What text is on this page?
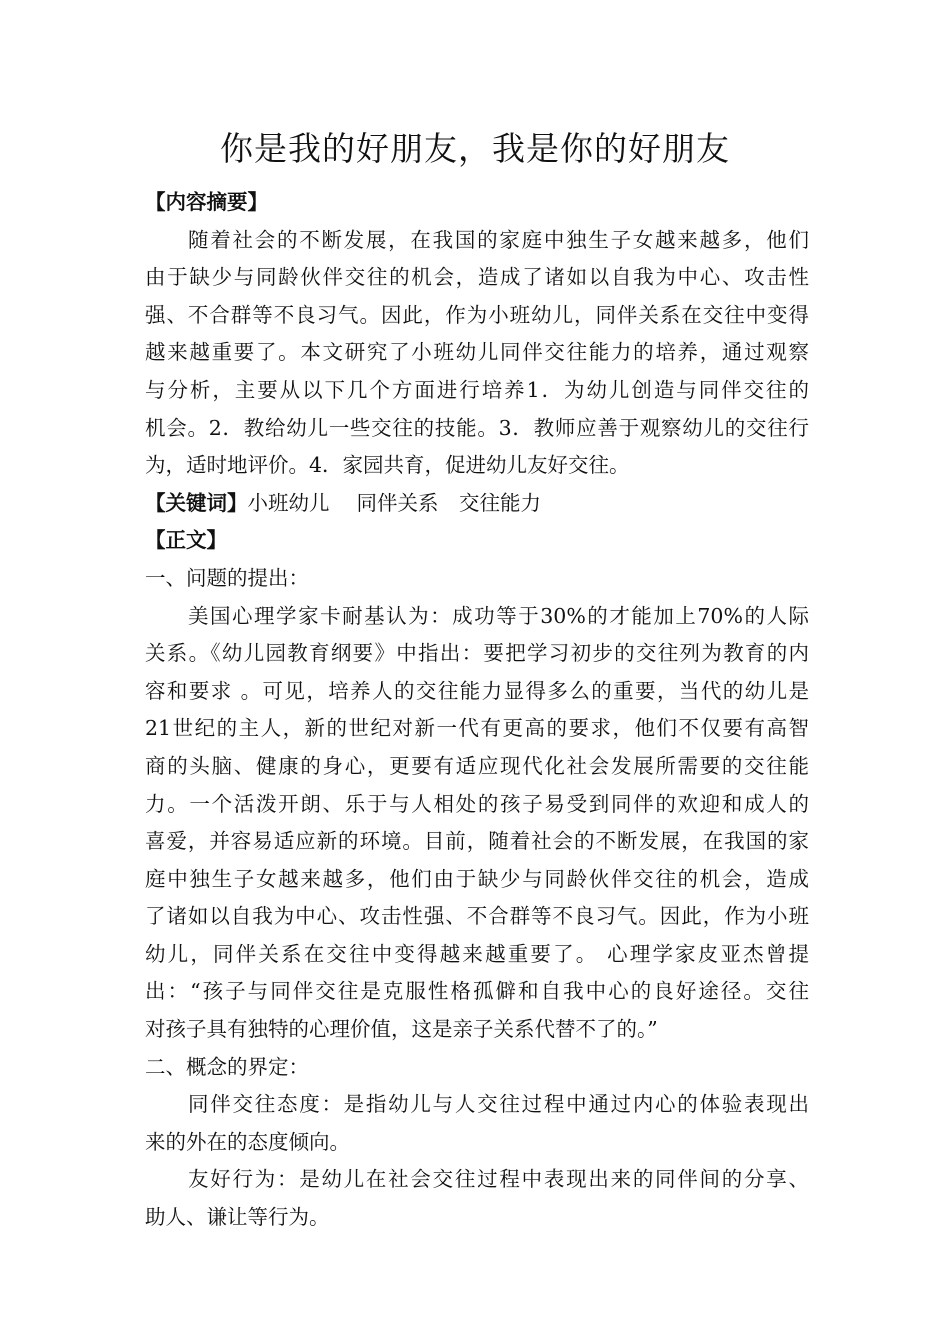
你是我的好朋友，我是你的好朋友
【内容摘要】
随着社会的不断发展，在我国的家庭中独生子女越来越多，他们
由于缺少与同龄伙伴交往的机会，造成了诸如以自我为中心、攻击性
强、不合群等不良习气。因此，作为小班幼儿，同伴关系在交往中变得
越来越重要了。本文研究了小班幼儿同伴交往能力的培养，通过观察
与分析，主要从以下几个方面进行培养1．为幼儿创造与同伴交往的
机会。2．教给幼儿一些交往的技能。3．教师应善于观察幼儿的交往行
为，适时地评价。4．家园共育，促进幼儿友好交往。
【关键词】小班幼儿　 同伴关系　交往能力
【正文】
一、问题的提出：
美国心理学家卡耐基认为：成功等于30%的才能加上70%的人际
关系。《幼儿园教育纲要》中指出：要把学习初步的交往列为教育的内
容和要求 。可见，培养人的交往能力显得多么的重要，当代的幼儿是
21世纪的主人，新的世纪对新一代有更高的要求，他们不仅要有高智
商的头脑、健康的身心，更要有适应现代化社会发展所需要的交往能
力。一个活泼开朗、乐于与人相处的孩子易受到同伴的欢迎和成人的
喜爱，并容易适应新的环境。目前，随着社会的不断发展，在我国的家
庭中独生子女越来越多，他们由于缺少与同龄伙伴交往的机会，造成
了诸如以自我为中心、攻击性强、不合群等不良习气。因此，作为小班
幼儿，同伴关系在交往中变得越来越重要了。 心理学家皮亚杰曾提
出：“孩子与同伴交往是克服性格孤僻和自我中心的良好途径。交往
对孩子具有独特的心理价值，这是亲子关系代替不了的。”
二、概念的界定：
同伴交往态度：是指幼儿与人交往过程中通过内心的体验表现出
来的外在的态度倾向。
友好行为：是幼儿在社会交往过程中表现出来的同伴间的分享、
助人、谦让等行为。
